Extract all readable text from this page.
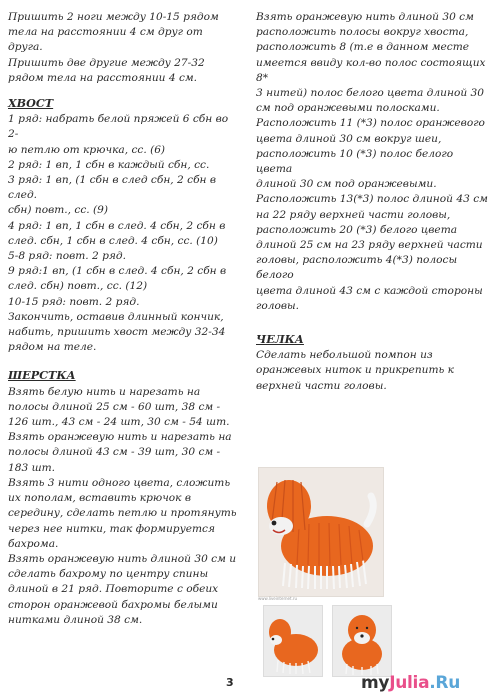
Пришить 2 ноги между 10-15 рядом

тела на расстоянии 4 см друг от друга.

Пришить две другие между 27-32

рядом тела на расстоянии 4 см.

ХВОСТ

1 ряд: набрать белой пряжей 6 сбн во 2-

ю петлю от крючка, сс. (6)

2 ряд: 1 вп, 1 сбн в каждый сбн, сс.

3 ряд: 1 вп, (1 сбн в след сбн, 2 сбн в след.

сбн) повт., сс. (9)

4 ряд: 1 вп, 1 сбн в след. 4 сбн, 2 сбн в

след. сбн, 1 сбн в след. 4 сбн, сс. (10)

5-8 ряд: повт. 2 ряд.

9 ряд:1 вп, (1 сбн в след. 4 сбн, 2 сбн в

след. сбн) повт., сс. (12)

10-15 ряд: повт. 2 ряд.

Закончить, оставив длинный кончик,

набить, пришить хвост между 32-34

рядом на теле.

ШЕРСТКА

Взять белую нить и нарезать на

полосы длиной 25 см - 60 шт, 38 см -

126 шт., 43 см - 24 шт, 30 см - 54 шт.

Взять оранжевую нить и нарезать на

полосы длиной 43 см - 39 шт, 30 см -

183 шт.

Взять 3 нити одного цвета, сложить

их пополам, вставить крючок в

середину, сделать петлю и протянуть

через нее нитки, так формируется

бахрома.

Взять оранжевую нить длиной 30 см и

сделать бахрому по центру спины

длиной в 21 ряд. Повторите с обеих

сторон оранжевой бахромы белыми

нитками длиной 38 см.

Взять оранжевую нить длиной 30 см

расположить полосы вокруг хвоста,

расположить 8 (т.е в данном месте

имеется ввиду кол-во полос состоящих 8*

3 нитей) полос белого цвета длиной 30

см под оранжевыми полосками.

Расположить 11 (*3) полос оранжевого

цвета длиной 30 см вокруг шеи,

расположить 10 (*3) полос белого цвета

длиной 30 см под оранжевыми.

Расположить 13(*3) полос длиной 43 см

на 22 ряду верхней части головы,

расположить 20 (*3) белого цвета

длиной 25 см на 23 ряду верхней части

головы, расположить 4(*3) полосы белого

цвета длиной 43 см с каждой стороны

головы.

ЧЕЛКА

Сделать небольшой помпон из

оранжевых ниток и прикрепить к

верхней части головы.

www.liveinternet.ru
3	myJulia.Ru
